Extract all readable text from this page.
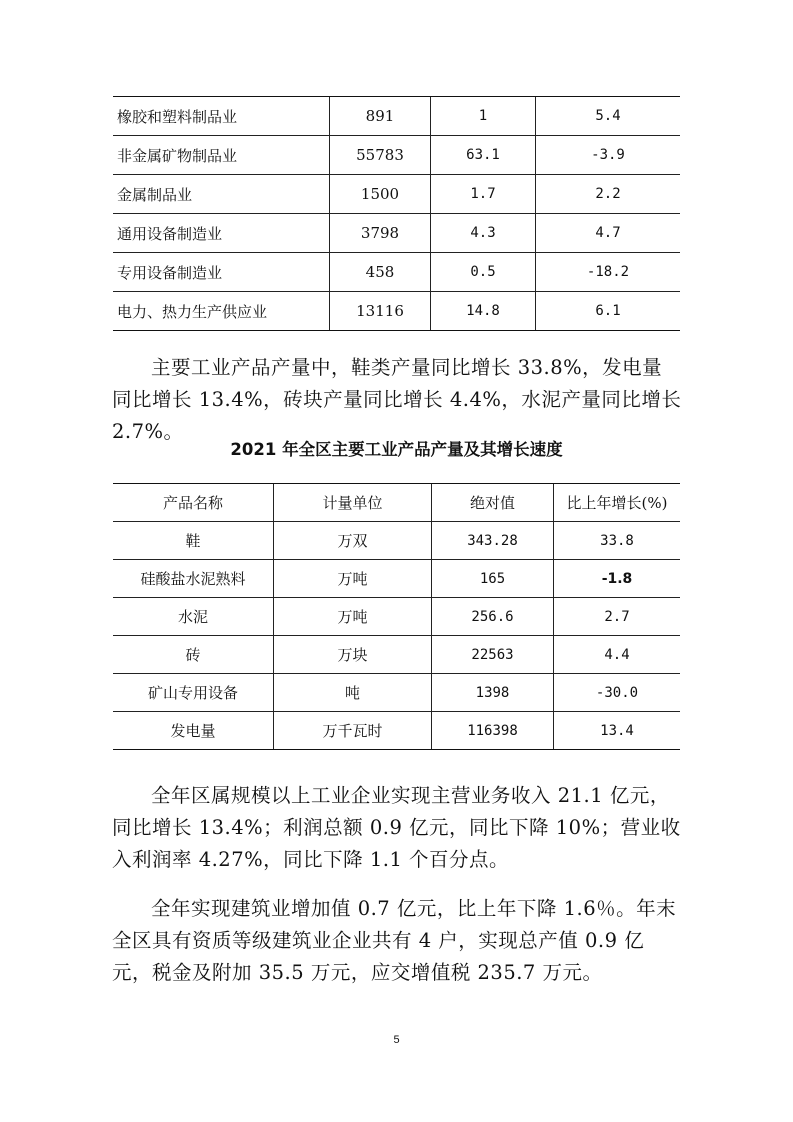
橡胶和塑料制品业	891	1	5.4
非金属矿物制品业	55783	63.1	-3.9
金属制品业	1500	1.7	2.2
通用设备制造业	3798	4.3	4.7
专用设备制造业	458	0.5	-18.2
电力、热力生产供应业	13116	14.8	6.1

主要工业产品产量中，鞋类产量同比增长 33.8%，发电量同比增长 13.4%，砖块产量同比增长 4.4%，水泥产量同比增长 2.7%。

2021 年全区主要工业产品产量及其增长速度
产品名称	计量单位	绝对值	比上年增长(%)
鞋	万双	343.28	33.8
硅酸盐水泥熟料	万吨	165	-1.8
水泥	万吨	256.6	2.7
砖	万块	22563	4.4
矿山专用设备	吨	1398	-30.0
发电量	万千瓦时	116398	13.4

全年区属规模以上工业企业实现主营业务收入 21.1 亿元，同比增长 13.4%；利润总额 0.9 亿元，同比下降 10%；营业收入利润率 4.27%，同比下降 1.1 个百分点。

全年实现建筑业增加值 0.7 亿元，比上年下降 1.6％。年末全区具有资质等级建筑业企业共有 4 户，实现总产值 0.9 亿元，税金及附加 35.5 万元，应交增值税 235.7 万元。

5
